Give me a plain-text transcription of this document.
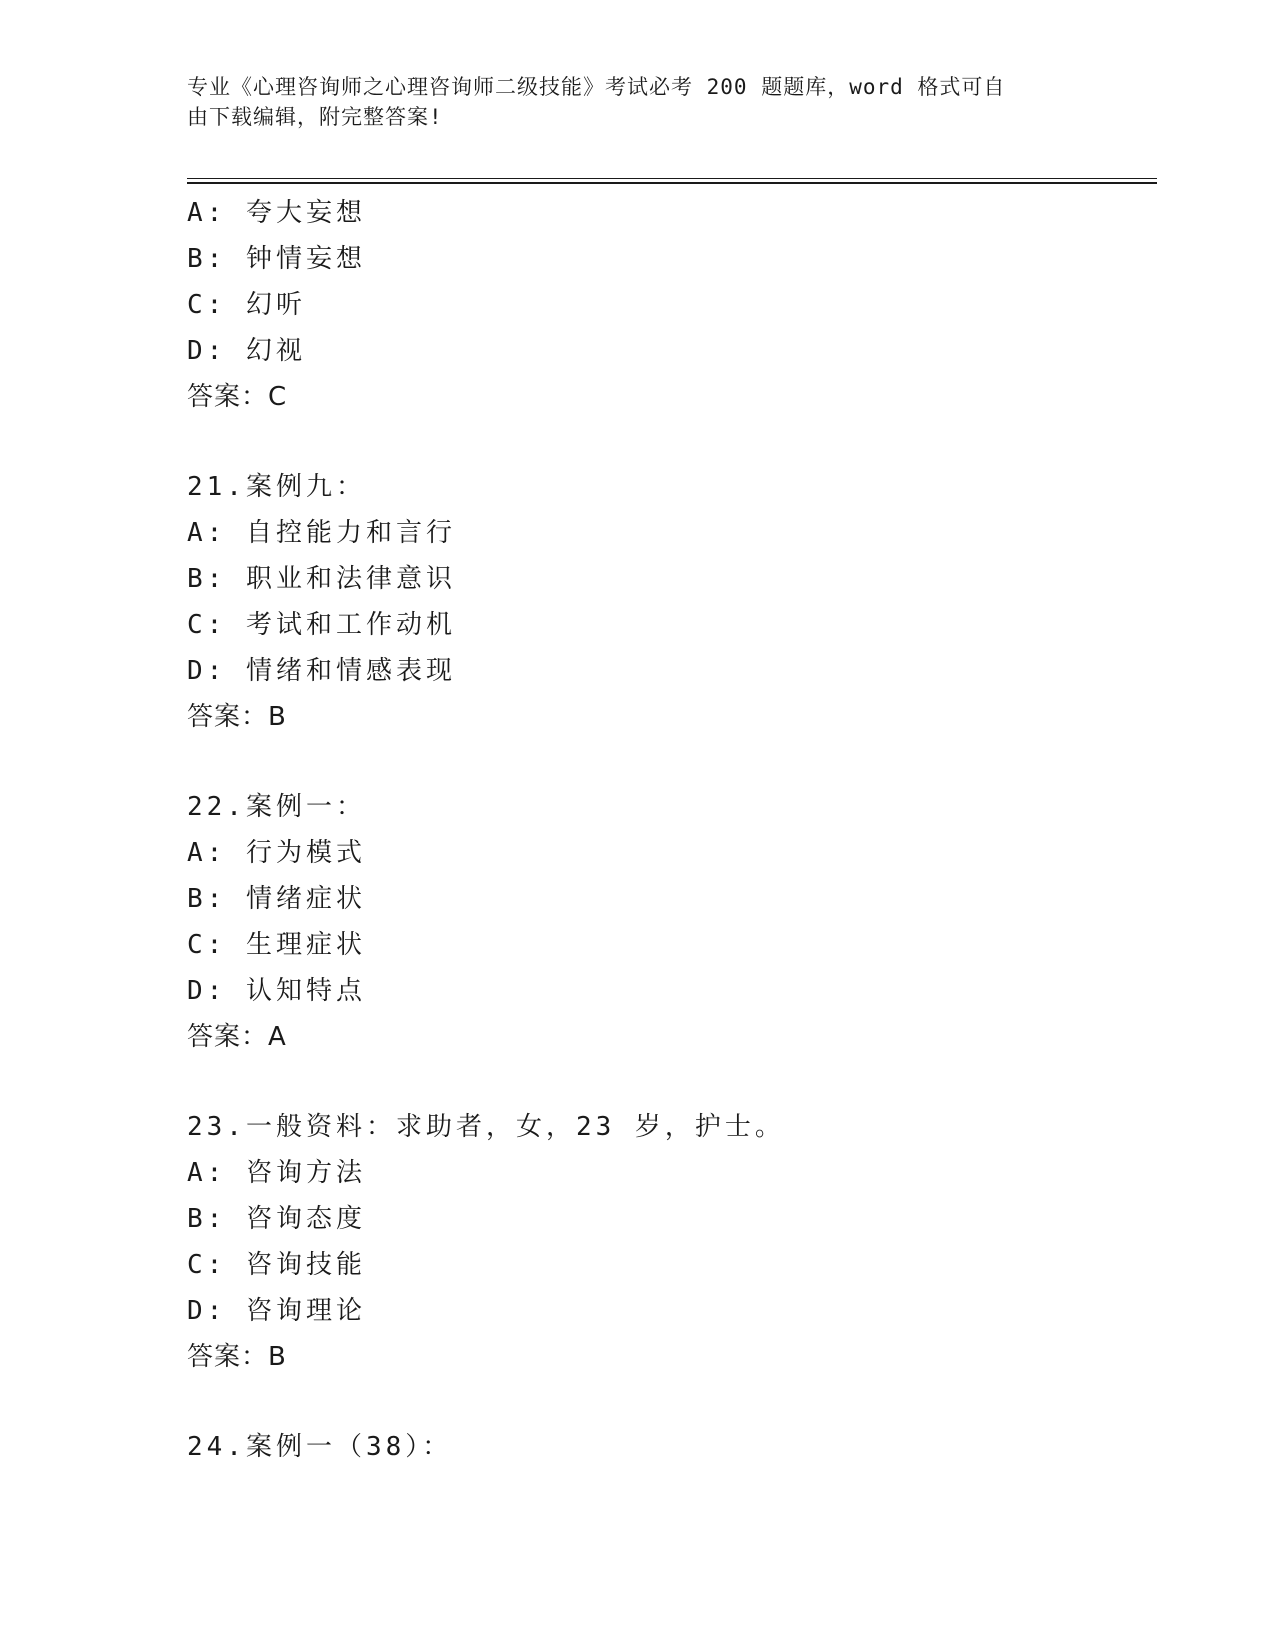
专业《心理咨询师之心理咨询师二级技能》考试必考 200 题题库，word 格式可自
由下载编辑，附完整答案!
A: 夸大妄想
B: 钟情妄想
C: 幻听
D: 幻视
答案：C
21.案例九：
A: 自控能力和言行
B: 职业和法律意识
C: 考试和工作动机
D: 情绪和情感表现
答案：B
22.案例一：
A: 行为模式
B: 情绪症状
C: 生理症状
D: 认知特点
答案：A
23.一般资料：求助者，女，23 岁，护士。
A: 咨询方法
B: 咨询态度
C: 咨询技能
D: 咨询理论
答案：B
24.案例一（38）：
